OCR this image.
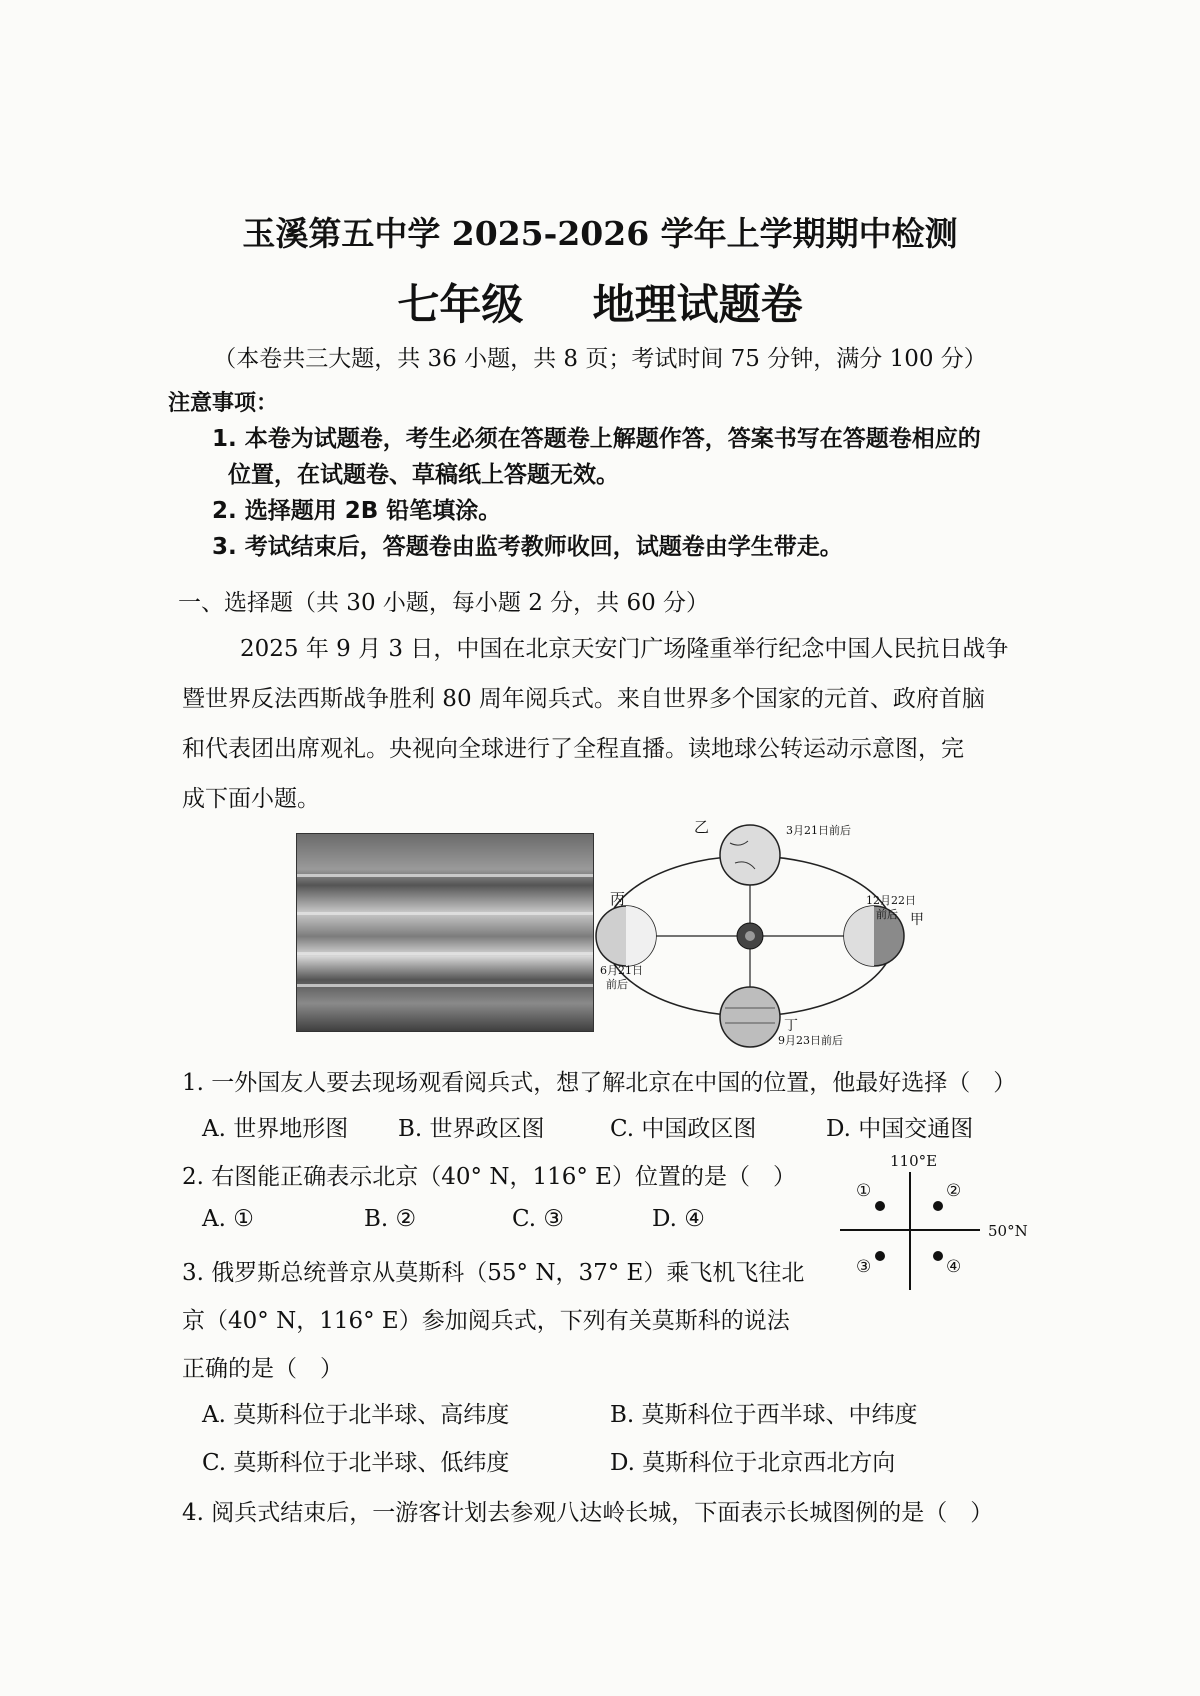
玉溪第五中学 2025-2026 学年上学期期中检测
七年级 地理试题卷
（本卷共三大题，共 36 小题，共 8 页；考试时间 75 分钟，满分 100 分）
注意事项：
1. 本卷为试题卷，考生必须在答题卷上解题作答，答案书写在答题卷相应的
位置，在试题卷、草稿纸上答题无效。
2. 选择题用 2B 铅笔填涂。
3. 考试结束后，答题卷由监考教师收回，试题卷由学生带走。
一、选择题（共 30 小题，每小题 2 分，共 60 分）
2025 年 9 月 3 日，中国在北京天安门广场隆重举行纪念中国人民抗日战争
暨世界反法西斯战争胜利 80 周年阅兵式。来自世界多个国家的元首、政府首脑
和代表团出席观礼。央视向全球进行了全程直播。读地球公转运动示意图，完
成下面小题。
乙	3月21日前后
12月22日
前后 甲
丙
6月21日
前后
丁
9月23日前后
1. 一外国友人要去现场观看阅兵式，想了解北京在中国的位置，他最好选择（　）
A. 世界地形图 B. 世界政区图	C. 中国政区图	D. 中国交通图
2. 右图能正确表示北京（40° N，116° E）位置的是（　）
A. ①	B. ②	C. ③	D. ④
110°E
50°N
①	②
③	④
3. 俄罗斯总统普京从莫斯科（55° N，37° E）乘飞机飞往北
京（40° N，116° E）参加阅兵式，下列有关莫斯科的说法
正确的是（　）
A. 莫斯科位于北半球、高纬度	B. 莫斯科位于西半球、中纬度
C. 莫斯科位于北半球、低纬度	D. 莫斯科位于北京西北方向
4. 阅兵式结束后，一游客计划去参观八达岭长城，下面表示长城图例的是（　）
